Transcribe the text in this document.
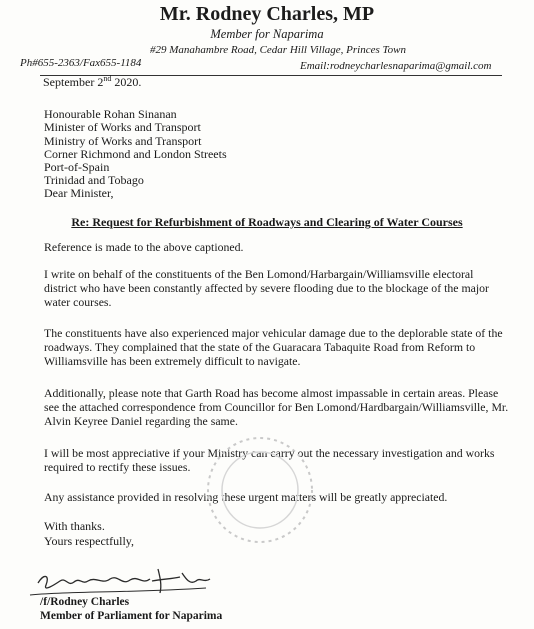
Mr. Rodney Charles, MP
Member for Naparima
#29 Manahambre Road, Cedar Hill Village, Princes Town
Ph#655-2363/Fax655-1184	Email:rodneycharlesnaparima@gmail.com
September 2nd 2020.
Honourable Rohan Sinanan
Minister of Works and Transport
Ministry of Works and Transport
Corner Richmond and London Streets
Port-of-Spain
Trinidad and Tobago
Dear Minister,
Re: Request for Refurbishment of Roadways and Clearing of Water Courses
Reference is made to the above captioned.
I write on behalf of the constituents of the Ben Lomond/Harbargain/Williamsville electoral district who have been constantly affected by severe flooding due to the blockage of the major water courses.
The constituents have also experienced major vehicular damage due to the deplorable state of the roadways. They complained that the state of the Guaracara Tabaquite Road from Reform to Williamsville has been extremely difficult to navigate.
Additionally, please note that Garth Road has become almost impassable in certain areas. Please see the attached correspondence from Councillor for Ben Lomond/Hardbargain/Williamsville, Mr. Alvin Keyree Daniel regarding the same.
I will be most appreciative if your Ministry can carry out the necessary investigation and works required to rectify these issues.
Any assistance provided in resolving these urgent matters will be greatly appreciated.
With thanks.
Yours respectfully,
/f/Rodney Charles
Member of Parliament for Naparima
